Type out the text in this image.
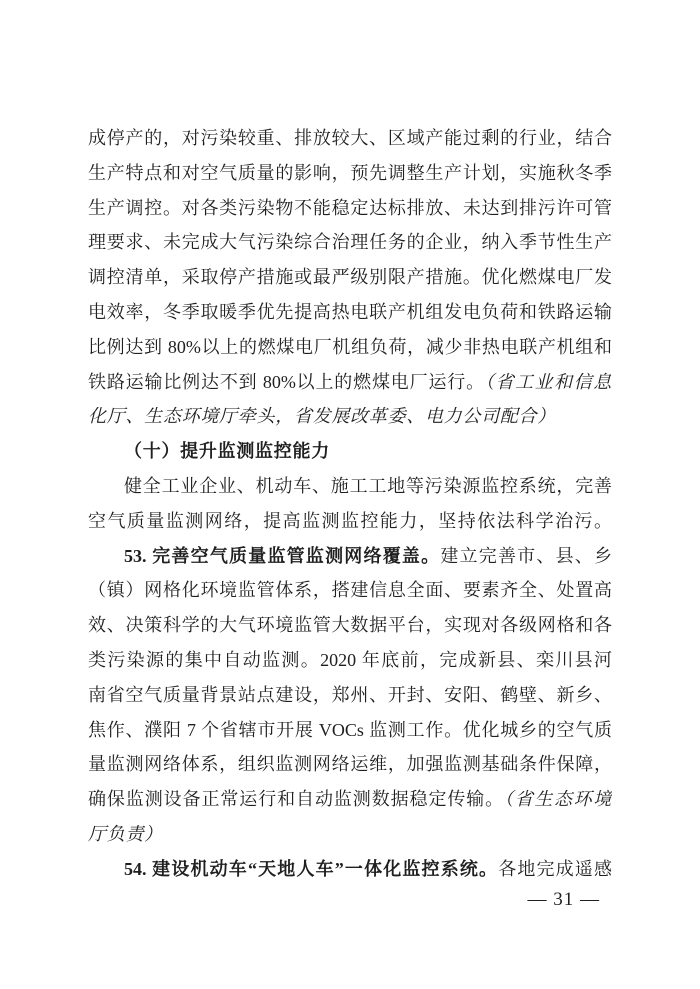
成停产的，对污染较重、排放较大、区域产能过剩的行业，结合
生产特点和对空气质量的影响，预先调整生产计划，实施秋冬季
生产调控。对各类污染物不能稳定达标排放、未达到排污许可管
理要求、未完成大气污染综合治理任务的企业，纳入季节性生产
调控清单，采取停产措施或最严级别限产措施。优化燃煤电厂发
电效率，冬季取暖季优先提高热电联产机组发电负荷和铁路运输
比例达到 80%以上的燃煤电厂机组负荷，减少非热电联产机组和
铁路运输比例达不到 80%以上的燃煤电厂运行。（省工业和信息
化厅、生态环境厅牵头，省发展改革委、电力公司配合）
（十）提升监测监控能力
健全工业企业、机动车、施工工地等污染源监控系统，完善
空气质量监测网络，提高监测监控能力，坚持依法科学治污。
53. 完善空气质量监管监测网络覆盖。建立完善市、县、乡
（镇）网格化环境监管体系，搭建信息全面、要素齐全、处置高
效、决策科学的大气环境监管大数据平台，实现对各级网格和各
类污染源的集中自动监测。2020 年底前，完成新县、栾川县河
南省空气质量背景站点建设，郑州、开封、安阳、鹤壁、新乡、
焦作、濮阳 7 个省辖市开展 VOCs 监测工作。优化城乡的空气质
量监测网络体系，组织监测网络运维，加强监测基础条件保障，
确保监测设备正常运行和自动监测数据稳定传输。（省生态环境
厅负责）
54. 建设机动车“天地人车”一体化监控系统。各地完成遥感
— 31 —
